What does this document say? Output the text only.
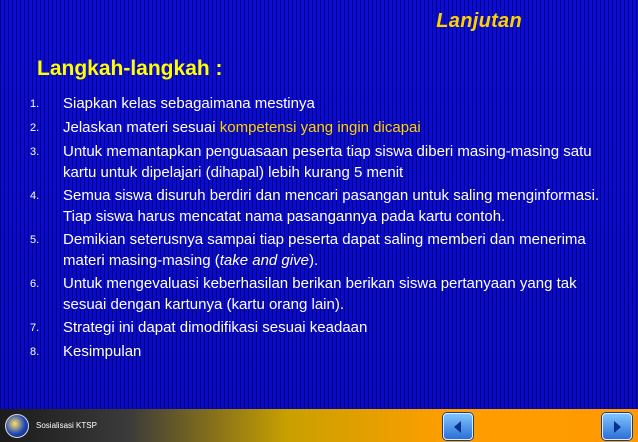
Lanjutan
Langkah-langkah :
1.	Siapkan kelas sebagaimana mestinya
2.	Jelaskan materi sesuai kompetensi yang ingin dicapai
3.	Untuk memantapkan penguasaan peserta tiap siswa diberi masing-masing satu kartu untuk dipelajari (dihapal) lebih kurang 5 menit
4.	Semua siswa disuruh berdiri dan mencari pasangan untuk saling menginformasi. Tiap siswa harus mencatat nama pasangannya pada kartu contoh.
5.	Demikian seterusnya sampai tiap peserta dapat saling memberi dan menerima materi masing-masing (take and give).
6.	Untuk mengevaluasi keberhasilan berikan berikan siswa pertanyaan yang tak sesuai dengan kartunya (kartu orang lain).
7.	Strategi ini dapat dimodifikasi sesuai keadaan
8.	Kesimpulan
Sosialisasi KTSP
